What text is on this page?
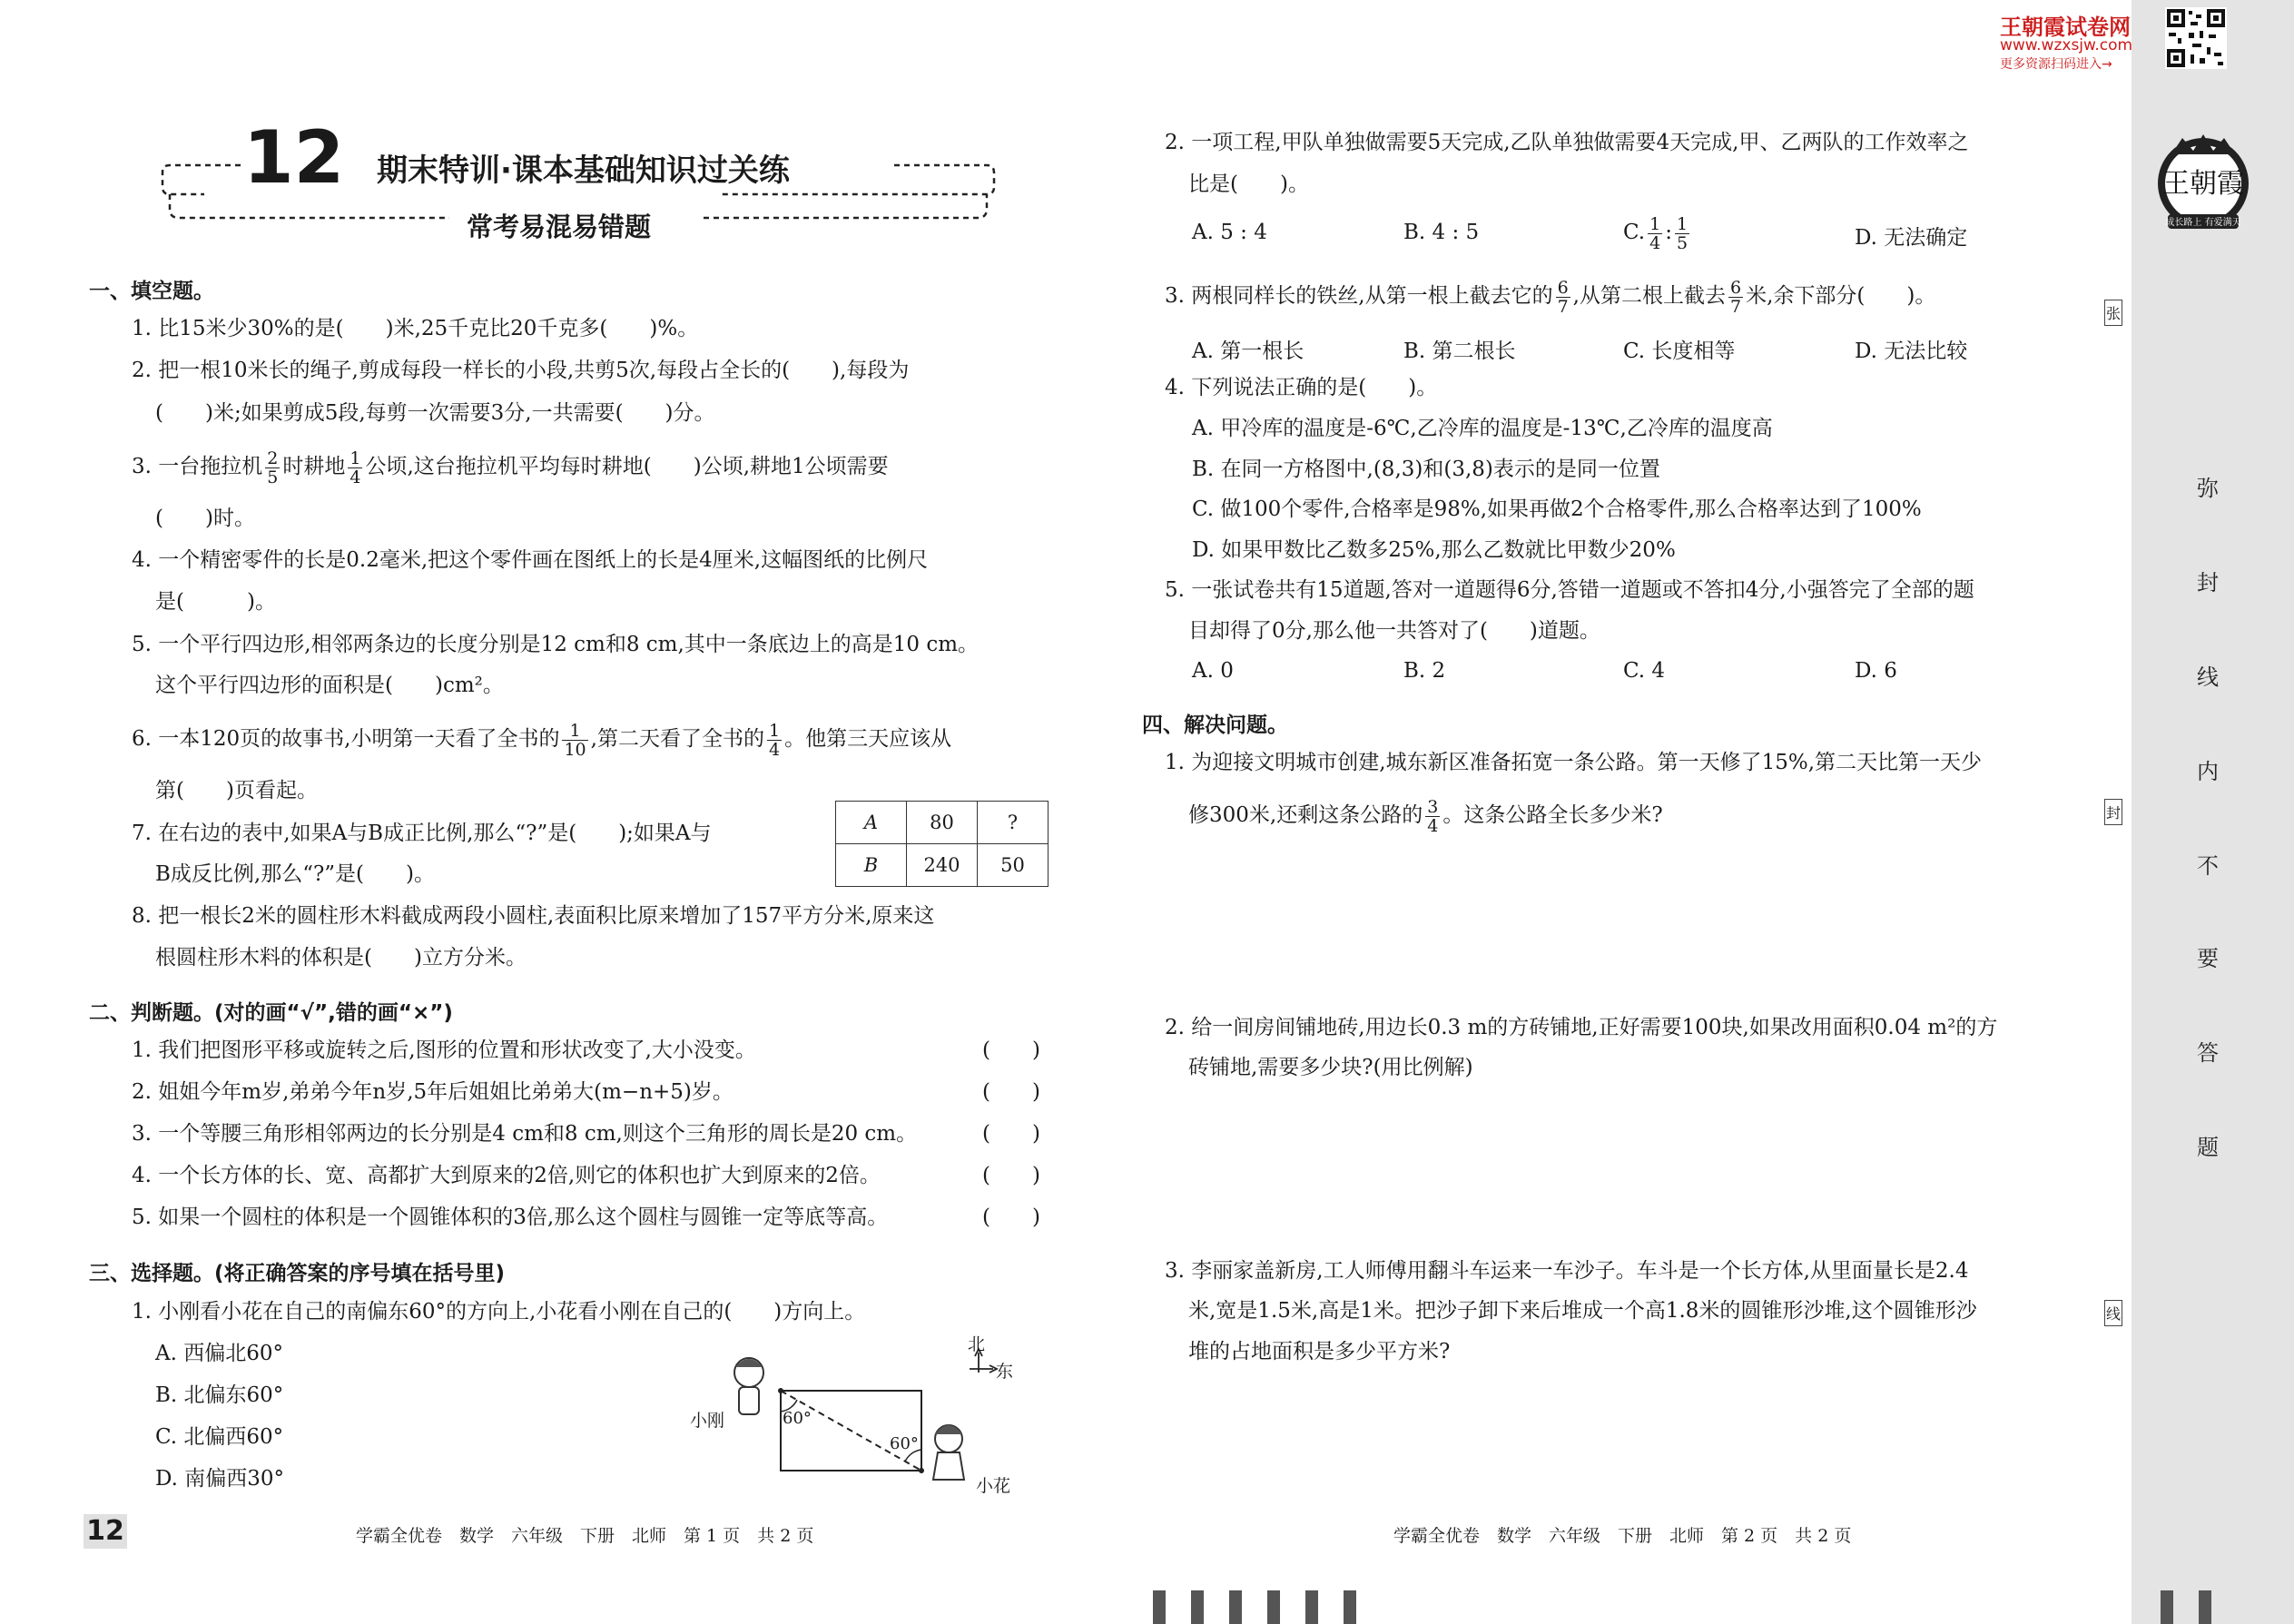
王朝霞
成长路上 有爱满天
弥
封
线
内
不
要
答
题
张
封
线
王朝霞试卷网
www.wzxsjw.com
更多资源扫码进入→
12 期末特训·课本基础知识过关练
常考易混易错题
一、填空题。
1. 比15米少30%的是(　　)米,25千克比20千克多(　　)%。
2. 把一根10米长的绳子,剪成每段一样长的小段,共剪5次,每段占全长的(　　),每段为
(　　)米;如果剪成5段,每剪一次需要3分,一共需要(　　)分。
3. 一台拖拉机 $\frac{2}{5}$ 时耕地 $\frac{1}{4}$ 公顷,这台拖拉机平均每时耕地(　　)公顷,耕地1公顷需要
(　　)时。
4. 一个精密零件的长是0.2毫米,把这个零件画在图纸上的长是4厘米,这幅图纸的比例尺
是(　　　)。
5. 一个平行四边形,相邻两条边的长度分别是12 cm和8 cm,其中一条底边上的高是10 cm。
这个平行四边形的面积是(　　)cm²。
6. 一本120页的故事书,小明第一天看了全书的 $\frac{1}{10}$ ,第二天看了全书的 $\frac{1}{4}$ 。他第三天应该从
第(　　)页看起。
7. 在右边的表中,如果A与B成正比例,那么“?”是(　　);如果A与
B成反比例,那么“?”是(　　)。
A	80	?
B	240	50
8. 把一根长2米的圆柱形木料截成两段小圆柱,表面积比原来增加了157平方分米,原来这
根圆柱形木料的体积是(　　)立方分米。
二、判断题。(对的画“√”,错的画“×”)
1. 我们把图形平移或旋转之后,图形的位置和形状改变了,大小没变。
2. 姐姐今年m岁,弟弟今年n岁,5年后姐姐比弟弟大(m−n+5)岁。
3. 一个等腰三角形相邻两边的长分别是4 cm和8 cm,则这个三角形的周长是20 cm。
4. 一个长方体的长、宽、高都扩大到原来的2倍,则它的体积也扩大到原来的2倍。
5. 如果一个圆柱的体积是一个圆锥体积的3倍,那么这个圆柱与圆锥一定等底等高。
(　　)
(　　)
(　　)
(　　)
(　　)
三、选择题。(将正确答案的序号填在括号里)
1. 小刚看小花在自己的南偏东60°的方向上,小花看小刚在自己的(　　)方向上。
A. 西偏北60°
B. 北偏东60°
C. 北偏西60°
D. 南偏西30°
北
东
小刚
小花
60°
60°
2. 一项工程,甲队单独做需要5天完成,乙队单独做需要4天完成,甲、乙两队的工作效率之
比是(　　)。
A. 5 : 4	B. 4 : 5	C. $\frac{1}{4}$ : $\frac{1}{5}$	D. 无法确定
3. 两根同样长的铁丝,从第一根上截去它的 $\frac{6}{7}$ ,从第二根上截去 $\frac{6}{7}$ 米,余下部分(　　)。
A. 第一根长	B. 第二根长	C. 长度相等	D. 无法比较
4. 下列说法正确的是(　　)。
A. 甲冷库的温度是-6℃,乙冷库的温度是-13℃,乙冷库的温度高
B. 在同一方格图中,(8,3)和(3,8)表示的是同一位置
C. 做100个零件,合格率是98%,如果再做2个合格零件,那么合格率达到了100%
D. 如果甲数比乙数多25%,那么乙数就比甲数少20%
5. 一张试卷共有15道题,答对一道题得6分,答错一道题或不答扣4分,小强答完了全部的题
目却得了0分,那么他一共答对了(　　)道题。
A. 0	B. 2	C. 4	D. 6
四、解决问题。
1. 为迎接文明城市创建,城东新区准备拓宽一条公路。第一天修了15%,第二天比第一天少
修300米,还剩这条公路的 $\frac{3}{4}$ 。这条公路全长多少米?
2. 给一间房间铺地砖,用边长0.3 m的方砖铺地,正好需要100块,如果改用面积0.04 m²的方
砖铺地,需要多少块?(用比例解)
3. 李丽家盖新房,工人师傅用翻斗车运来一车沙子。车斗是一个长方体,从里面量长是2.4
米,宽是1.5米,高是1米。把沙子卸下来后堆成一个高1.8米的圆锥形沙堆,这个圆锥形沙
堆的占地面积是多少平方米?
12	学霸全优卷　数学　六年级　下册　北师　第 1 页　共 2 页	学霸全优卷　数学　六年级　下册　北师　第 2 页　共 2 页
